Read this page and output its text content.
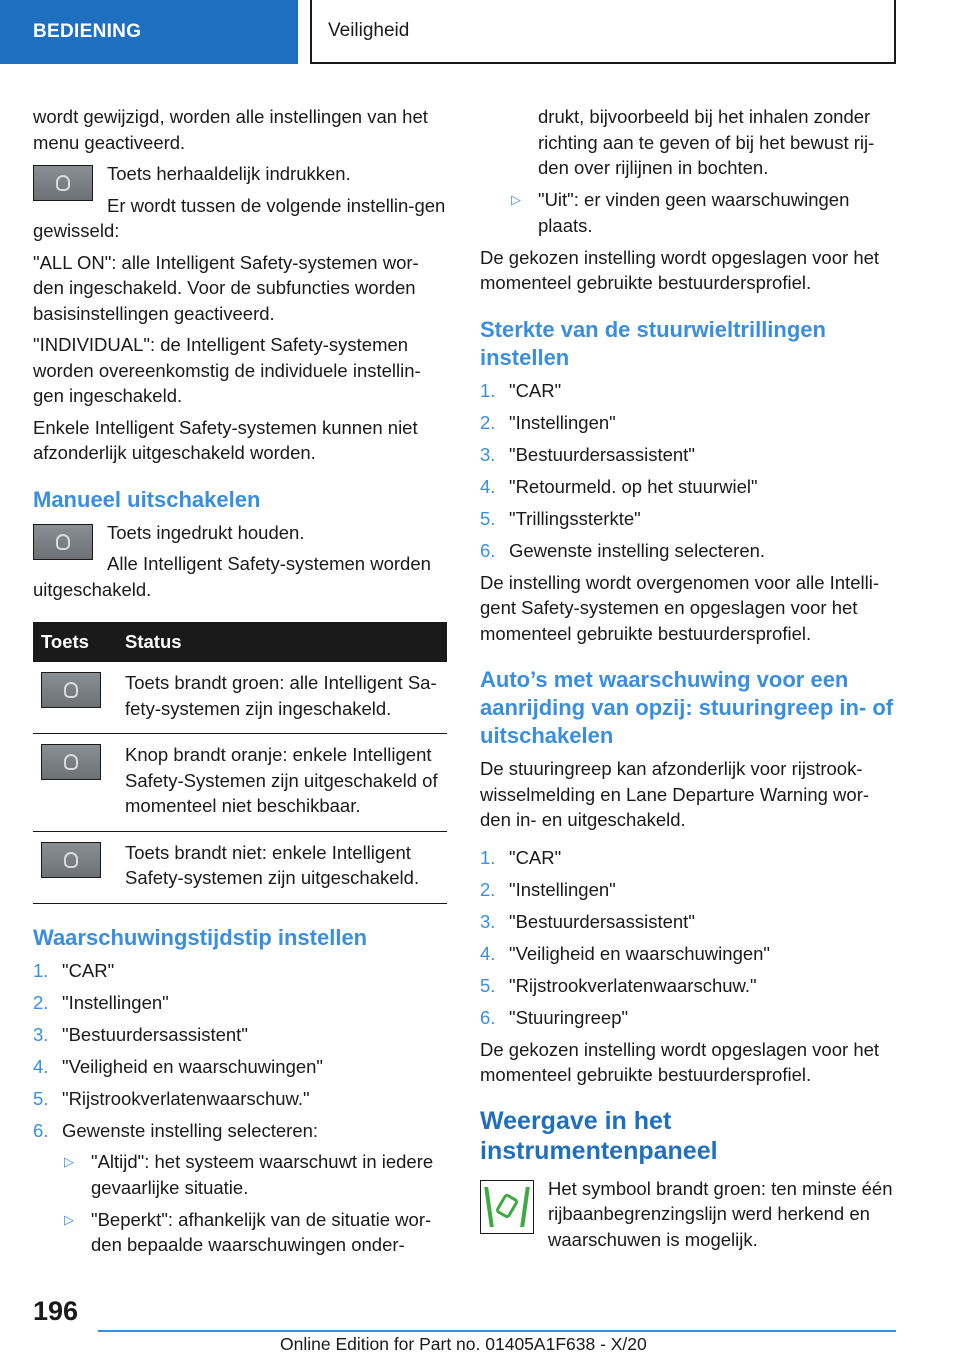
BEDIENING	Veiligheid

wordt gewijzigd, worden alle instellingen van het menu geactiveerd.

Toets herhaaldelijk indrukken.

Er wordt tussen de volgende instellin-gen gewisseld:

"ALL ON": alle Intelligent Safety-systemen wor-den ingeschakeld. Voor de subfuncties worden basisinstellingen geactiveerd.

"INDIVIDUAL": de Intelligent Safety-systemen worden overeenkomstig de individuele instellin-gen ingeschakeld.

Enkele Intelligent Safety-systemen kunnen niet afzonderlijk uitgeschakeld worden.

Manueel uitschakelen

Toets ingedrukt houden.

Alle Intelligent Safety-systemen worden uitgeschakeld.

Toets	Status
	Toets brandt groen: alle Intelligent Sa-fety-systemen zijn ingeschakeld.
	Knop brandt oranje: enkele Intelligent Safety-Systemen zijn uitgeschakeld of momenteel niet beschikbaar.
	Toets brandt niet: enkele Intelligent Safety-systemen zijn uitgeschakeld.
Waarschuwingstijdstip instellen
1. "CAR"
2. "Instellingen"
3. "Bestuurdersassistent"
4. "Veiligheid en waarschuwingen"
5. "Rijstrookverlatenwaarschuw."
6. Gewenste instelling selecteren:
▷ "Altijd": het systeem waarschuwt in iedere gevaarlijke situatie.
▷ "Beperkt": afhankelijk van de situatie wor-den bepaalde waarschuwingen onder-
drukt, bijvoorbeeld bij het inhalen zonder richting aan te geven of bij het bewust rij-den over rijlijnen in bochten.
▷ "Uit": er vinden geen waarschuwingen plaats.

De gekozen instelling wordt opgeslagen voor het momenteel gebruikte bestuurdersprofiel.

Sterkte van de stuurwieltrillingen instellen
1. "CAR"
2. "Instellingen"
3. "Bestuurdersassistent"
4. "Retourmeld. op het stuurwiel"
5. "Trillingssterkte"
6. Gewenste instelling selecteren.

De instelling wordt overgenomen voor alle Intelli-gent Safety-systemen en opgeslagen voor het momenteel gebruikte bestuurdersprofiel.

Auto’s met waarschuwing voor een aanrijding van opzij: stuuringreep in- of uitschakelen

De stuuringreep kan afzonderlijk voor rijstrook-wisselmelding en Lane Departure Warning wor-den in- en uitgeschakeld.

1. "CAR"
2. "Instellingen"
3. "Bestuurdersassistent"
4. "Veiligheid en waarschuwingen"
5. "Rijstrookverlatenwaarschuw."
6. "Stuuringreep"

De gekozen instelling wordt opgeslagen voor het momenteel gebruikte bestuurdersprofiel.

Weergave in het instrumentenpaneel

Het symbool brandt groen: ten minste één rijbaanbegrenzingslijn werd herkend en waarschuwen is mogelijk.

196
Online Edition for Part no. 01405A1F638 - X/20
